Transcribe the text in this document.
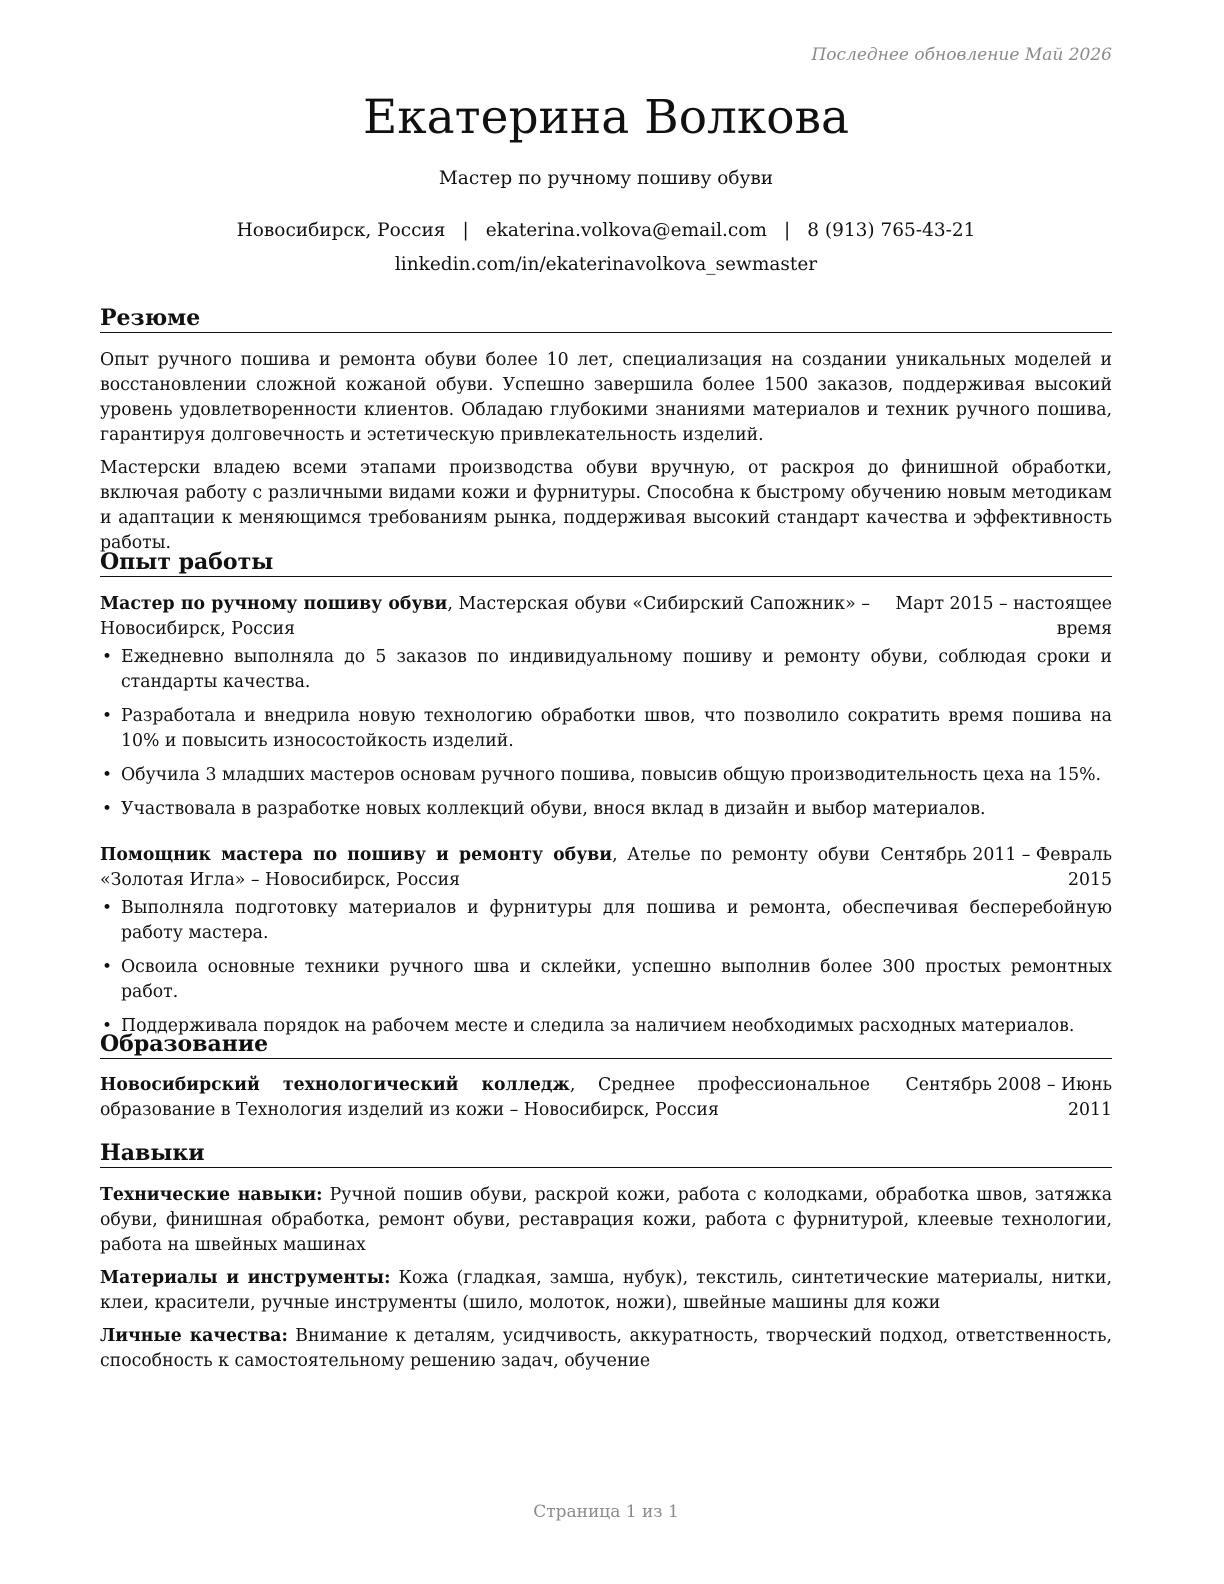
Последнее обновление Май 2026
Екатерина Волкова
Мастер по ручному пошиву обуви
Новосибирск, Россия | ekaterina.volkova@email.com | 8 (913) 765-43-21
linkedin.com/in/ekaterinavolkova_sewmaster
Резюме

Опыт ручного пошива и ремонта обуви более 10 лет, специализация на создании уникальных моделей и восстановлении сложной кожаной обуви. Успешно завершила более 1500 заказов, поддерживая высокий уровень удовлетворенности клиентов. Обладаю глубокими знаниями материалов и техник ручного пошива, гарантируя долговечность и эстетическую привлекательность изделий.

Мастерски владею всеми этапами производства обуви вручную, от раскроя до финишной обработки, включая работу с различными видами кожи и фурнитуры. Способна к быстрому обучению новым методикам и адаптации к меняющимся требованиям рынка, поддерживая высокий стандарт качества и эффективность работы.

Опыт работы
Мастер по ручному пошиву обуви, Мастерская обуви «Сибирский Сапожник» – Новосибирск, Россия
Март 2015 – настоящее время
• Ежедневно выполняла до 5 заказов по индивидуальному пошиву и ремонту обуви, соблюдая сроки и стандарты качества.
• Разработала и внедрила новую технологию обработки швов, что позволило сократить время пошива на 10% и повысить износостойкость изделий.
• Обучила 3 младших мастеров основам ручного пошива, повысив общую производительность цеха на 15%.
• Участвовала в разработке новых коллекций обуви, внося вклад в дизайн и выбор материалов.
Помощник мастера по пошиву и ремонту обуви, Ателье по ремонту обуви «Золотая Игла» – Новосибирск, Россия
Сентябрь 2011 – Февраль 2015
• Выполняла подготовку материалов и фурнитуры для пошива и ремонта, обеспечивая бесперебойную работу мастера.
• Освоила основные техники ручного шва и склейки, успешно выполнив более 300 простых ремонтных работ.
• Поддерживала порядок на рабочем месте и следила за наличием необходимых расходных материалов.
Образование
Новосибирский технологический колледж, Среднее профессиональное образование в Технология изделий из кожи – Новосибирск, Россия
Сентябрь 2008 – Июнь 2011
Навыки
Технические навыки: Ручной пошив обуви, раскрой кожи, работа с колодками, обработка швов, затяжка обуви, финишная обработка, ремонт обуви, реставрация кожи, работа с фурнитурой, клеевые технологии, работа на швейных машинах
Материалы и инструменты: Кожа (гладкая, замша, нубук), текстиль, синтетические материалы, нитки, клеи, красители, ручные инструменты (шило, молоток, ножи), швейные машины для кожи
Личные качества: Внимание к деталям, усидчивость, аккуратность, творческий подход, ответственность, способность к самостоятельному решению задач, обучение
Страница 1 из 1
